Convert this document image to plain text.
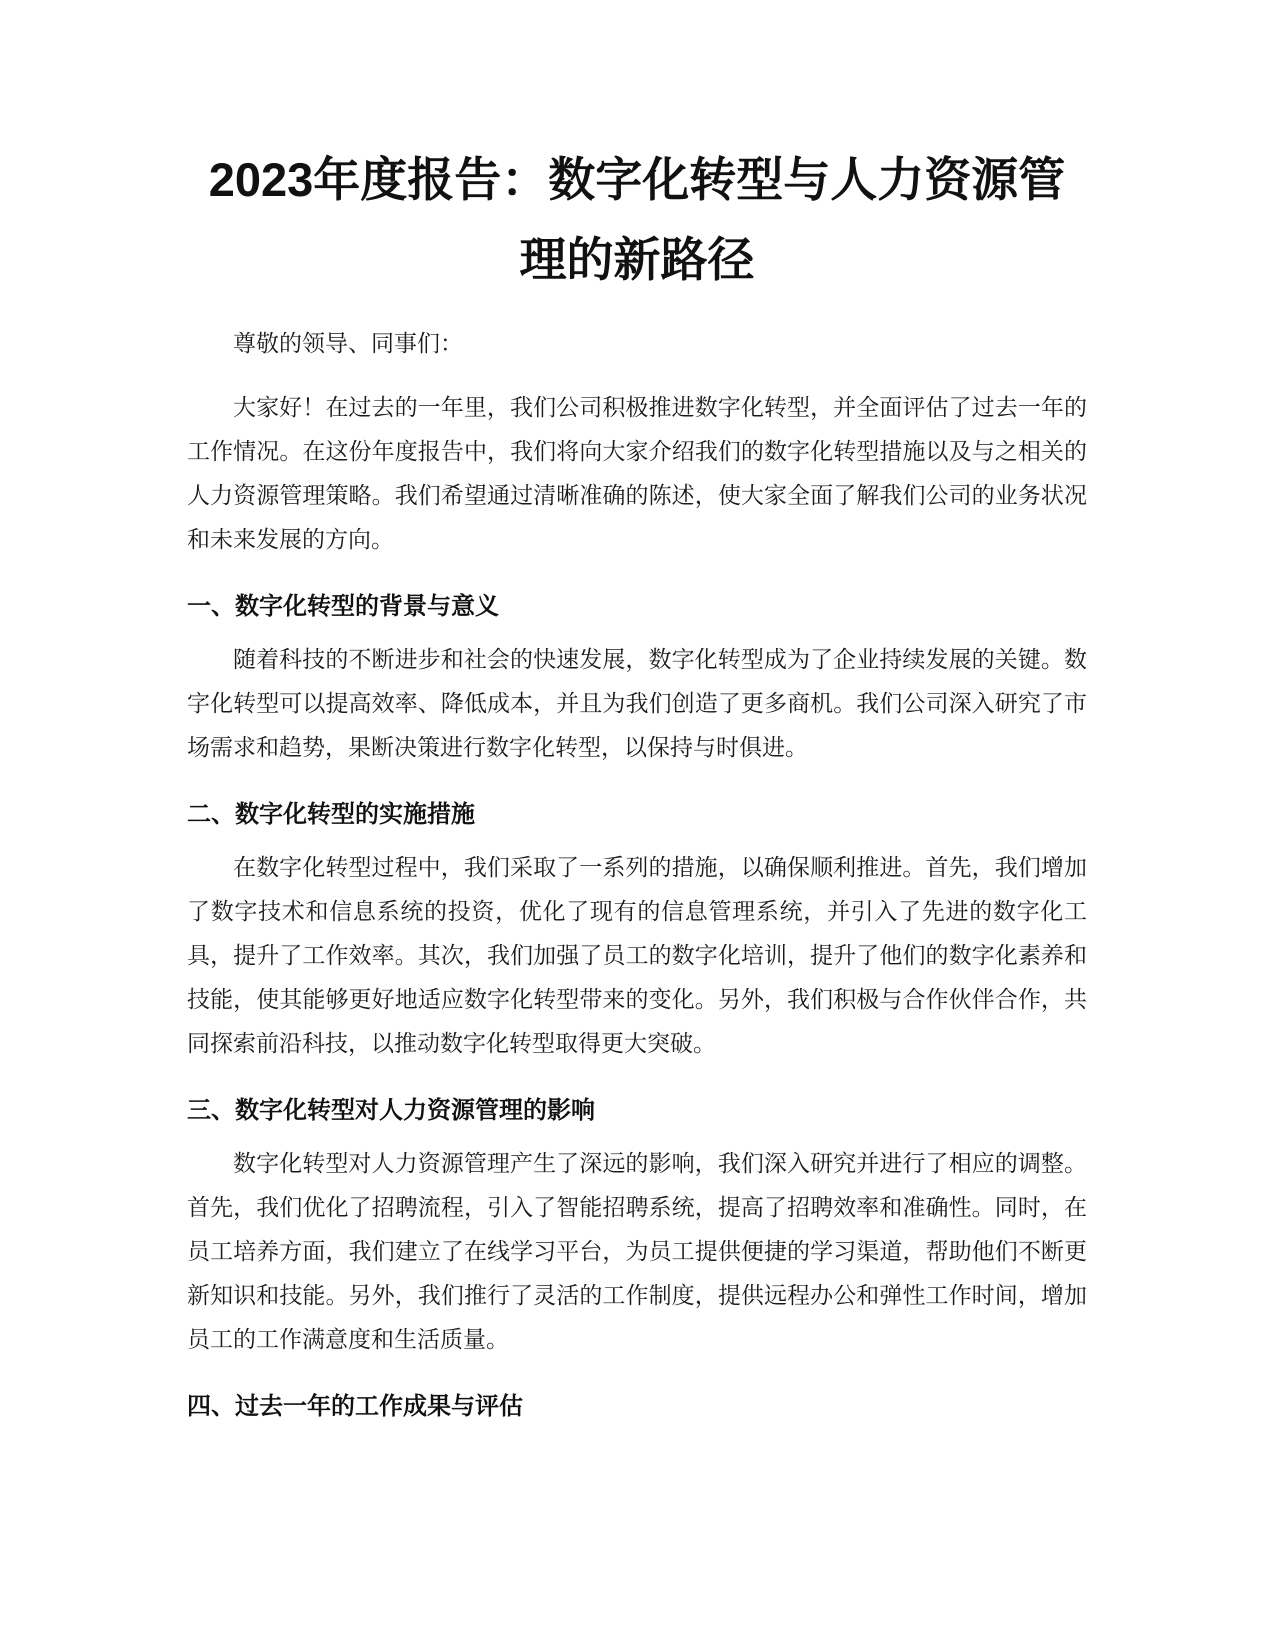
2023年度报告：数字化转型与人力资源管理的新路径

尊敬的领导、同事们：

大家好！在过去的一年里，我们公司积极推进数字化转型，并全面评估了过去一年的工作情况。在这份年度报告中，我们将向大家介绍我们的数字化转型措施以及与之相关的人力资源管理策略。我们希望通过清晰准确的陈述，使大家全面了解我们公司的业务状况和未来发展的方向。

一、数字化转型的背景与意义

随着科技的不断进步和社会的快速发展，数字化转型成为了企业持续发展的关键。数字化转型可以提高效率、降低成本，并且为我们创造了更多商机。我们公司深入研究了市场需求和趋势，果断决策进行数字化转型，以保持与时俱进。

二、数字化转型的实施措施

在数字化转型过程中，我们采取了一系列的措施，以确保顺利推进。首先，我们增加了数字技术和信息系统的投资，优化了现有的信息管理系统，并引入了先进的数字化工具，提升了工作效率。其次，我们加强了员工的数字化培训，提升了他们的数字化素养和技能，使其能够更好地适应数字化转型带来的变化。另外，我们积极与合作伙伴合作，共同探索前沿科技，以推动数字化转型取得更大突破。

三、数字化转型对人力资源管理的影响

数字化转型对人力资源管理产生了深远的影响，我们深入研究并进行了相应的调整。首先，我们优化了招聘流程，引入了智能招聘系统，提高了招聘效率和准确性。同时，在员工培养方面，我们建立了在线学习平台，为员工提供便捷的学习渠道，帮助他们不断更新知识和技能。另外，我们推行了灵活的工作制度，提供远程办公和弹性工作时间，增加员工的工作满意度和生活质量。

四、过去一年的工作成果与评估
